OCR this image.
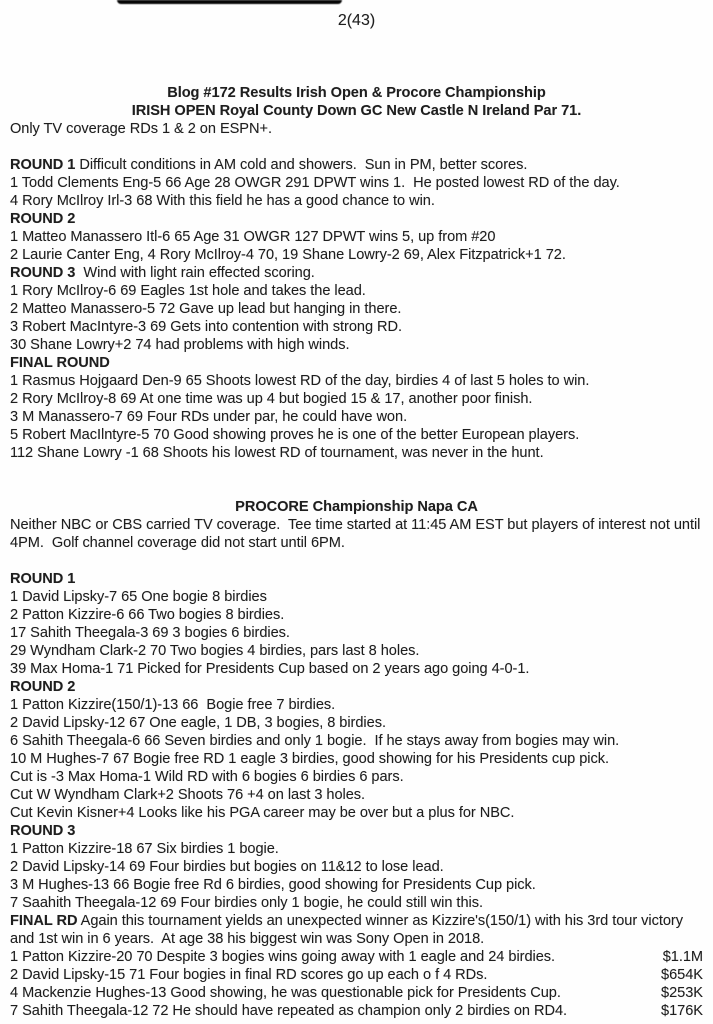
2(43)
Blog #172 Results Irish Open & Procore Championship
IRISH OPEN Royal County Down GC New Castle N Ireland Par 71.
Only TV coverage RDs 1 & 2 on ESPN+.
ROUND 1 Difficult conditions in AM cold and showers.  Sun in PM, better scores.
1 Todd Clements Eng-5 66 Age 28 OWGR 291 DPWT wins 1.  He posted lowest RD of the day.
4 Rory McIlroy Irl-3 68 With this field he has a good chance to win.
ROUND 2
1 Matteo Manassero Itl-6 65 Age 31 OWGR 127 DPWT wins 5, up from #20
2 Laurie Canter Eng, 4 Rory McIlroy-4 70, 19 Shane Lowry-2 69, Alex Fitzpatrick+1 72.
ROUND 3  Wind with light rain effected scoring.
1 Rory McIlroy-6 69 Eagles 1st hole and takes the lead.
2 Matteo Manassero-5 72 Gave up lead but hanging in there.
3 Robert MacIntyre-3 69 Gets into contention with strong RD.
30 Shane Lowry+2 74 had problems with high winds.
FINAL ROUND
1 Rasmus Hojgaard Den-9 65 Shoots lowest RD of the day, birdies 4 of last 5 holes to win.
2 Rory McIlroy-8 69 At one time was up 4 but bogied 15 & 17, another poor finish.
3 M Manassero-7 69 Four RDs under par, he could have won.
5 Robert MacIlntyre-5 70 Good showing proves he is one of the better European players.
112 Shane Lowry -1 68 Shoots his lowest RD of tournament, was never in the hunt.
PROCORE Championship Napa CA
Neither NBC or CBS carried TV coverage.  Tee time started at 11:45 AM EST but players of interest not until 4PM.  Golf channel coverage did not start until 6PM.
ROUND 1
1 David Lipsky-7 65 One bogie 8 birdies
2 Patton Kizzire-6 66 Two bogies 8 birdies.
17 Sahith Theegala-3 69 3 bogies 6 birdies.
29 Wyndham Clark-2 70 Two bogies 4 birdies, pars last 8 holes.
39 Max Homa-1 71 Picked for Presidents Cup based on 2 years ago going 4-0-1.
ROUND 2
1 Patton Kizzire(150/1)-13 66  Bogie free 7 birdies.
2 David Lipsky-12 67 One eagle, 1 DB, 3 bogies, 8 birdies.
6 Sahith Theegala-6 66 Seven birdies and only 1 bogie.  If he stays away from bogies may win.
10 M Hughes-7 67 Bogie free RD 1 eagle 3 birdies, good showing for his Presidents cup pick.
Cut is -3 Max Homa-1 Wild RD with 6 bogies 6 birdies 6 pars.
Cut W Wyndham Clark+2 Shoots 76 +4 on last 3 holes.
Cut Kevin Kisner+4 Looks like his PGA career may be over but a plus for NBC.
ROUND 3
1 Patton Kizzire-18 67 Six birdies 1 bogie.
2 David Lipsky-14 69 Four birdies but bogies on 11&12 to lose lead.
3 M Hughes-13 66 Bogie free Rd 6 birdies, good showing for Presidents Cup pick.
7 Saahith Theegala-12 69 Four birdies only 1 bogie, he could still win this.
FINAL RD Again this tournament yields an unexpected winner as Kizzire's(150/1) with his 3rd tour victory and 1st win in 6 years.  At age 38 his biggest win was Sony Open in 2018.
1 Patton Kizzire-20 70 Despite 3 bogies wins going away with 1 eagle and 24 birdies.	$1.1M
2 David Lipsky-15 71 Four bogies in final RD scores go up each o f 4 RDs.	$654K
4 Mackenzie Hughes-13 Good showing, he was questionable pick for Presidents Cup.	$253K
7 Sahith Theegala-12 72 He should have repeated as champion only 2 birdies on RD4.	$176K
